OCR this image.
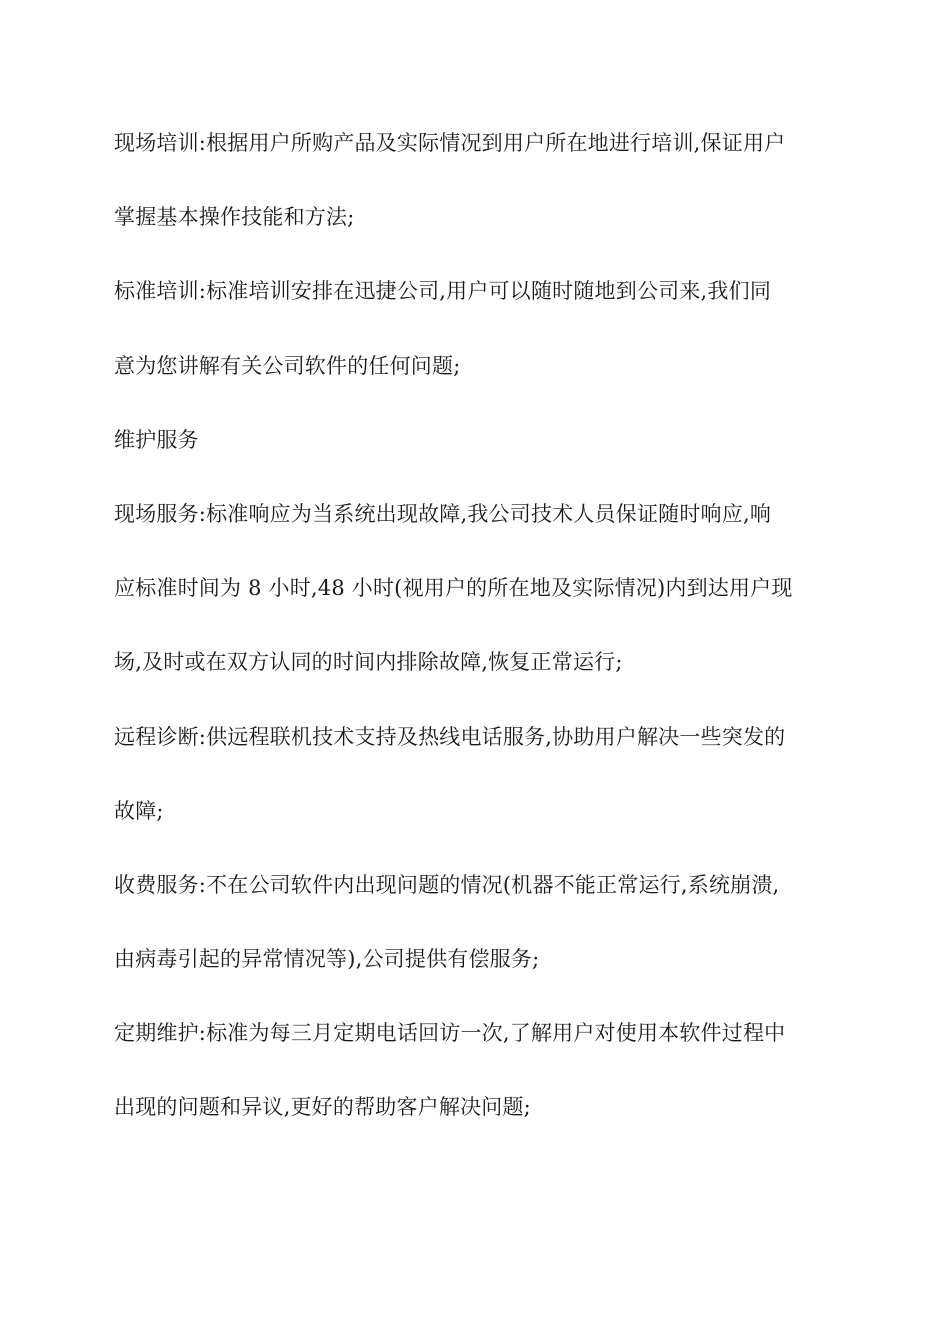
现场培训:根据用户所购产品及实际情况到用户所在地进行培训,保证用户
掌握基本操作技能和方法;
标准培训:标准培训安排在迅捷公司,用户可以随时随地到公司来,我们同
意为您讲解有关公司软件的任何问题;
维护服务
现场服务:标准响应为当系统出现故障,我公司技术人员保证随时响应,响
应标准时间为 8 小时,48 小时(视用户的所在地及实际情况)内到达用户现
场,及时或在双方认同的时间内排除故障,恢复正常运行;
远程诊断:供远程联机技术支持及热线电话服务,协助用户解决一些突发的
故障;
收费服务:不在公司软件内出现问题的情况(机器不能正常运行,系统崩溃,
由病毒引起的异常情况等),公司提供有偿服务;
定期维护:标准为每三月定期电话回访一次,了解用户对使用本软件过程中
出现的问题和异议,更好的帮助客户解决问题;
